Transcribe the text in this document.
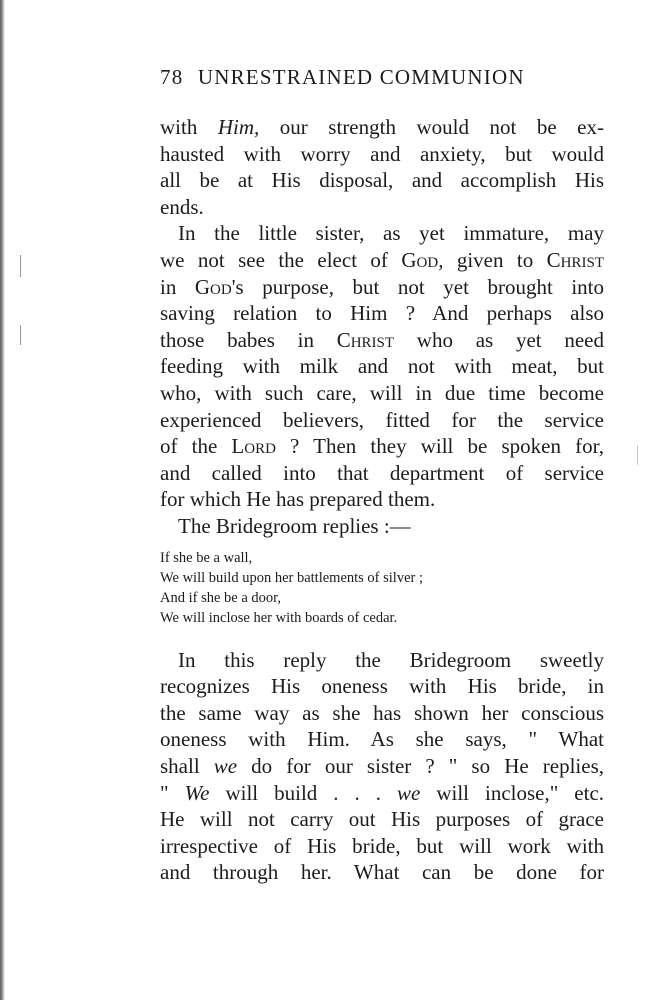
78 UNRESTRAINED COMMUNION
with Him, our strength would not be ex-
hausted with worry and anxiety, but would
all be at His disposal, and accomplish His
ends.
In the little sister, as yet immature, may
we not see the elect of God, given to Christ
in God's purpose, but not yet brought into
saving relation to Him ? And perhaps also
those babes in Christ who as yet need
feeding with milk and not with meat, but
who, with such care, will in due time become
experienced believers, fitted for the service
of the Lord ? Then they will be spoken for,
and called into that department of service
for which He has prepared them.
The Bridegroom replies :—
If she be a wall,
We will build upon her battlements of silver ;
And if she be a door,
We will inclose her with boards of cedar.
In this reply the Bridegroom sweetly
recognizes His oneness with His bride, in
the same way as she has shown her conscious
oneness with Him. As she says, " What
shall we do for our sister ? " so He replies,
" We will build . . . we will inclose," etc.
He will not carry out His purposes of grace
irrespective of His bride, but will work with
and through her. What can be done for
